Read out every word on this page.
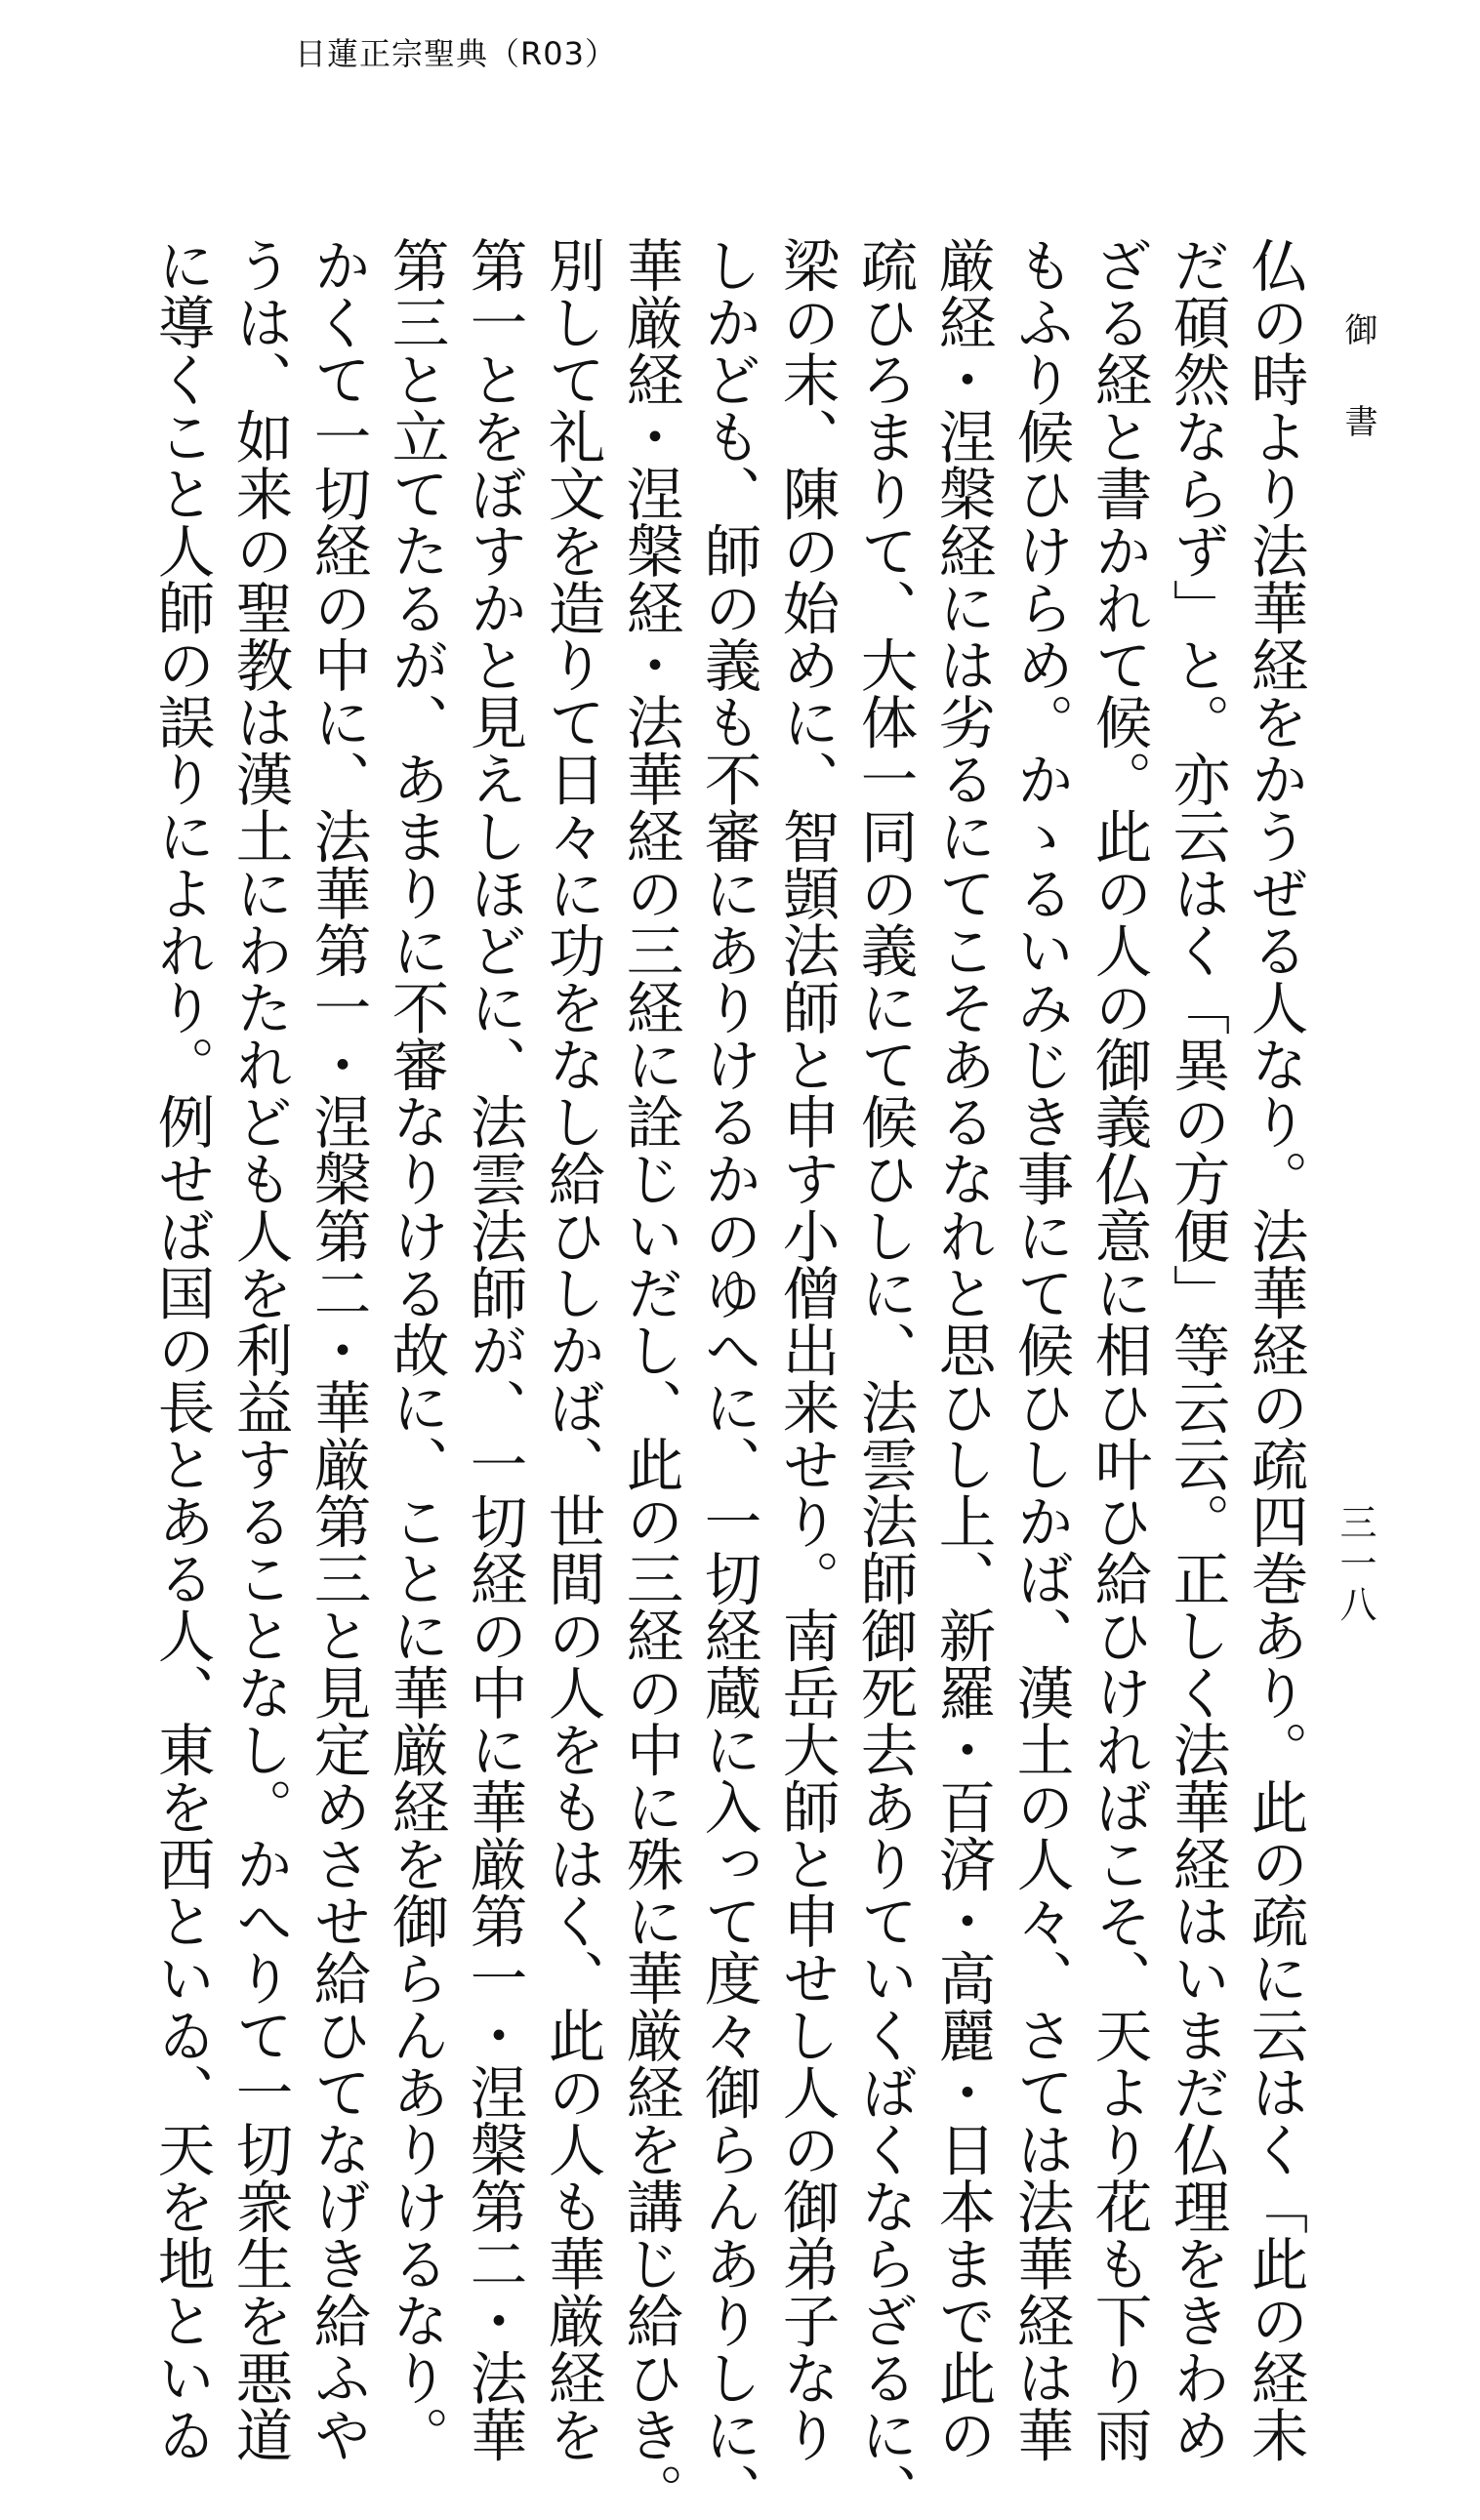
日蓮正宗聖典（R03）
御書
三一八
仏の時より法華経をかうぜる人なり。法華経の疏四巻あり。此の疏に云はく「此の経未
だ碩然ならず」と。亦云はく「異の方便」等云云。正しく法華経はいまだ仏理をきわめ
ざる経と書かれて候。此の人の御義仏意に相ひ叶ひ給ひければこそ、天より花も下り雨
もふり候ひけらめ。かゝるいみじき事にて候ひしかば、漢土の人々、さては法華経は華
厳経・涅槃経には劣るにてこそあるなれと思ひし上、新羅・百済・高麗・日本まで此の
疏ひろまりて、大体一同の義にて候ひしに、法雲法師御死去ありていくばくならざるに、
梁の末、陳の始めに、智顗法師と申す小僧出来せり。南岳大師と申せし人の御弟子なり
しかども、師の義も不審にありけるかのゆへに、一切経蔵に入って度々御らんありしに、
華厳経・涅槃経・法華経の三経に詮じいだし、此の三経の中に殊に華厳経を講じ給ひき。
別して礼文を造りて日々に功をなし給ひしかば、世間の人をもはく、此の人も華厳経を
第一とをぼすかと見えしほどに、法雲法師が、一切経の中に華厳第一・涅槃第二・法華
第三と立てたるが、あまりに不審なりける故に、ことに華厳経を御らんありけるなり。
かくて一切経の中に、法華第一・涅槃第二・華厳第三と見定めさせ給ひてなげき給ふや
うは、如来の聖教は漢土にわたれども人を利益することなし。かへりて一切衆生を悪道
に導くこと人師の誤りによれり。例せば国の長とある人、東を西といゐ、天を地といゐ
